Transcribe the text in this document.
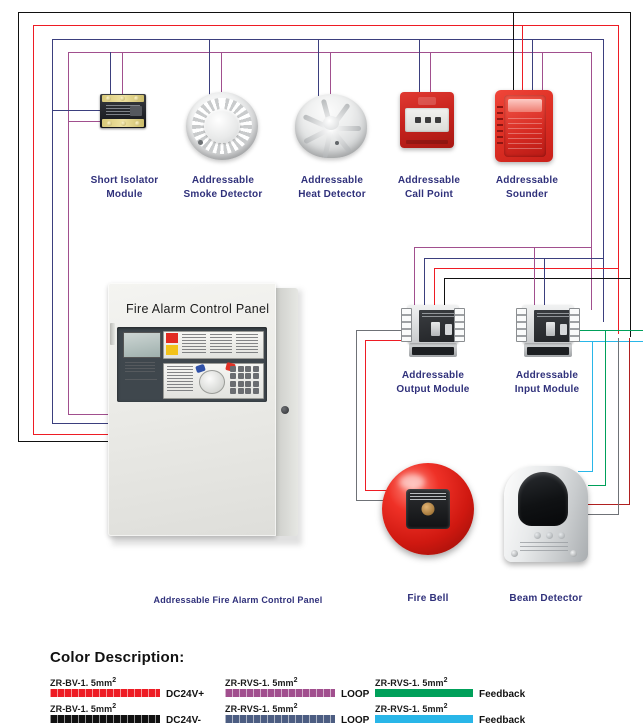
Short Isolator
Module
Addressable
Smoke Detector
Addressable
Heat Detector
Addressable
Call Point
Addressable
Sounder
Addressable
Output Module
Addressable
Input Module
Fire Alarm Control Panel
Addressable Fire Alarm Control Panel	Fire Bell	Beam Detector
Color Description:
ZR-BV-1. $5mm^2$
DC24V+
ZR-BV-1. $5mm^2$
DC24V-
ZR-RVS-1. $5mm^2$
LOOP
ZR-RVS-1. $5mm^2$
LOOP
ZR-RVS-1. $5mm^2$
Feedback
ZR-RVS-1. $5mm^2$
Feedback
